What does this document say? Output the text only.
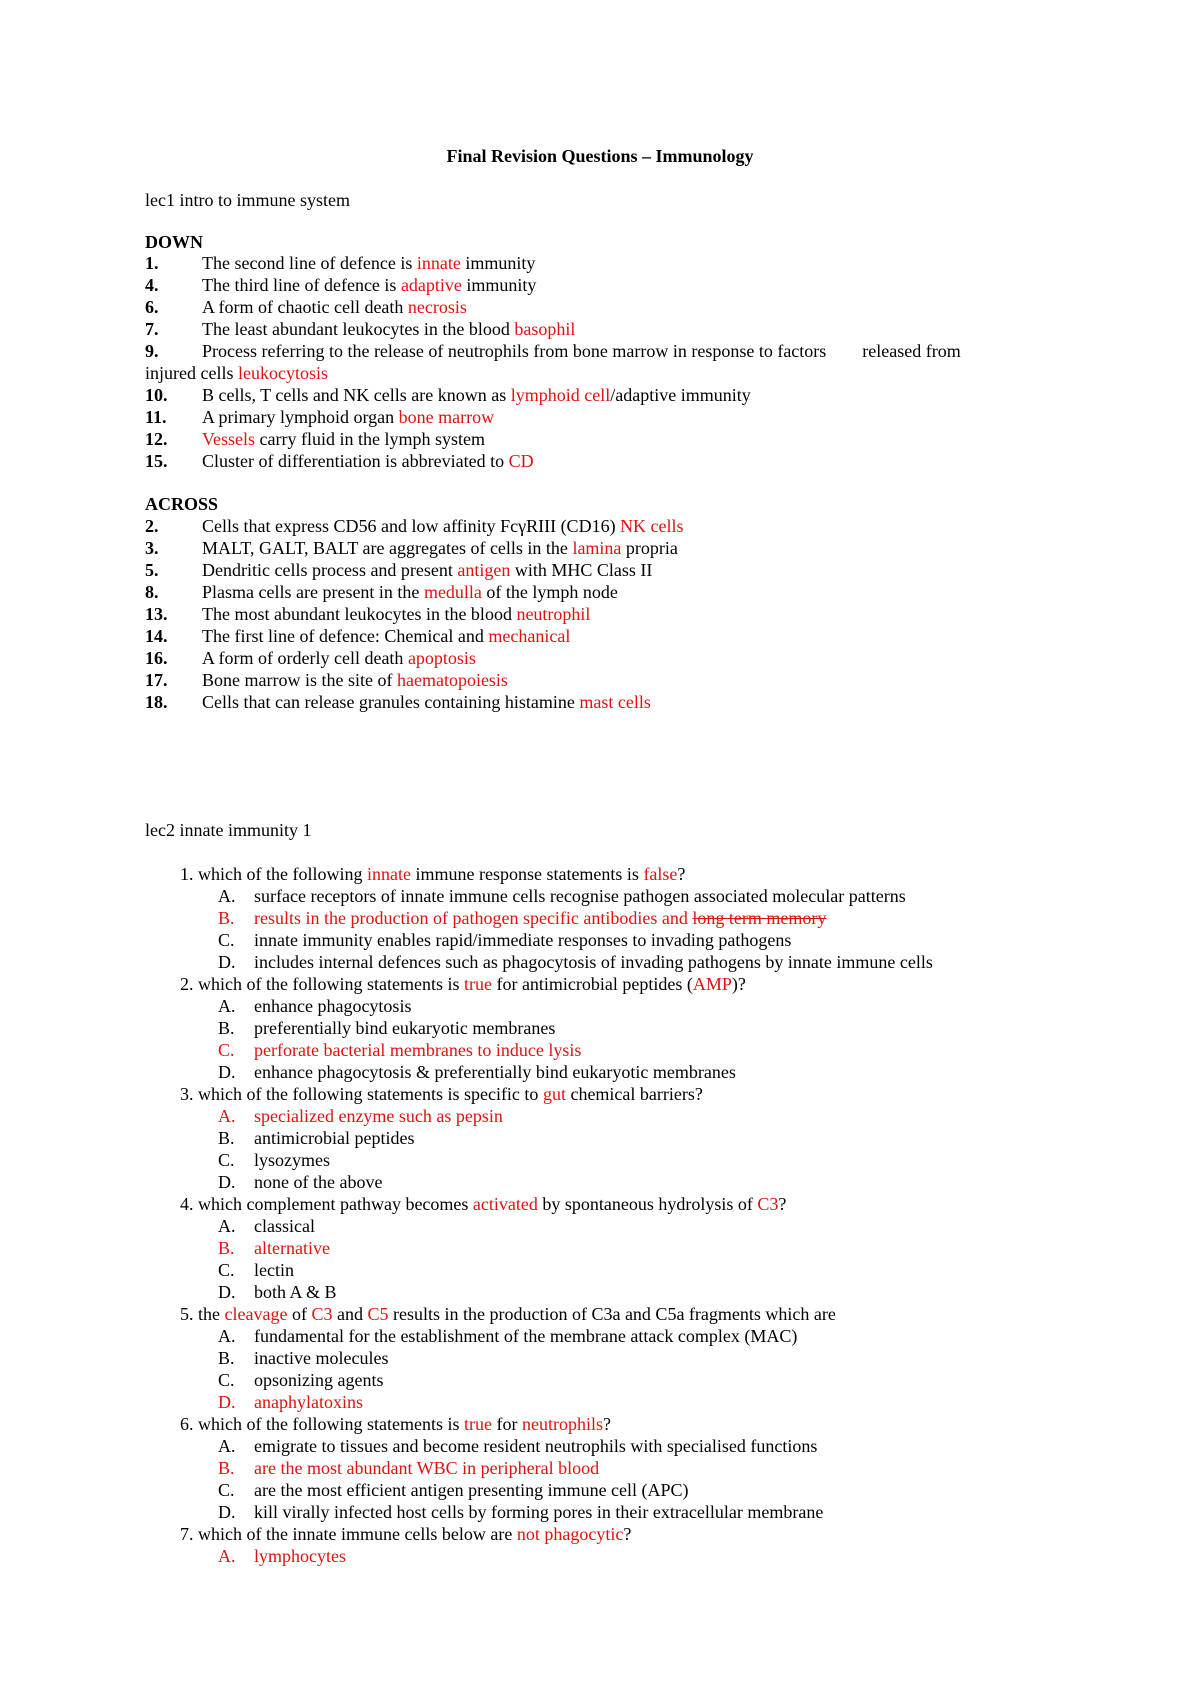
Final Revision Questions – Immunology
lec1 intro to immune system
DOWN
1. The second line of defence is innate immunity
4. The third line of defence is adaptive immunity
6. A form of chaotic cell death necrosis
7. The least abundant leukocytes in the blood basophil
9. Process referring to the release of neutrophils from bone marrow in response to factors        released from
injured cells leukocytosis
10. B cells, T cells and NK cells are known as lymphoid cell/adaptive immunity
11. A primary lymphoid organ bone marrow
12. Vessels carry fluid in the lymph system
15. Cluster of differentiation is abbreviated to CD
ACROSS
2. Cells that express CD56 and low affinity FcγRIII (CD16) NK cells
3. MALT, GALT, BALT are aggregates of cells in the lamina propria
5. Dendritic cells process and present antigen with MHC Class II
8. Plasma cells are present in the medulla of the lymph node
13. The most abundant leukocytes in the blood neutrophil
14. The first line of defence: Chemical and mechanical
16. A form of orderly cell death apoptosis
17. Bone marrow is the site of haematopoiesis
18. Cells that can release granules containing histamine mast cells
lec2 innate immunity 1
1. which of the following innate immune response statements is false?
A. surface receptors of innate immune cells recognise pathogen associated molecular patterns
B. results in the production of pathogen specific antibodies and long term memory
C. innate immunity enables rapid/immediate responses to invading pathogens
D. includes internal defences such as phagocytosis of invading pathogens by innate immune cells
2. which of the following statements is true for antimicrobial peptides (AMP)?
A. enhance phagocytosis
B. preferentially bind eukaryotic membranes
C. perforate bacterial membranes to induce lysis
D. enhance phagocytosis & preferentially bind eukaryotic membranes
3. which of the following statements is specific to gut chemical barriers?
A. specialized enzyme such as pepsin
B. antimicrobial peptides
C. lysozymes
D. none of the above
4. which complement pathway becomes activated by spontaneous hydrolysis of C3?
A. classical
B. alternative
C. lectin
D. both A & B
5. the cleavage of C3 and C5 results in the production of C3a and C5a fragments which are
A. fundamental for the establishment of the membrane attack complex (MAC)
B. inactive molecules
C. opsonizing agents
D. anaphylatoxins
6. which of the following statements is true for neutrophils?
A. emigrate to tissues and become resident neutrophils with specialised functions
B. are the most abundant WBC in peripheral blood
C. are the most efficient antigen presenting immune cell (APC)
D. kill virally infected host cells by forming pores in their extracellular membrane
7. which of the innate immune cells below are not phagocytic?
A. lymphocytes
